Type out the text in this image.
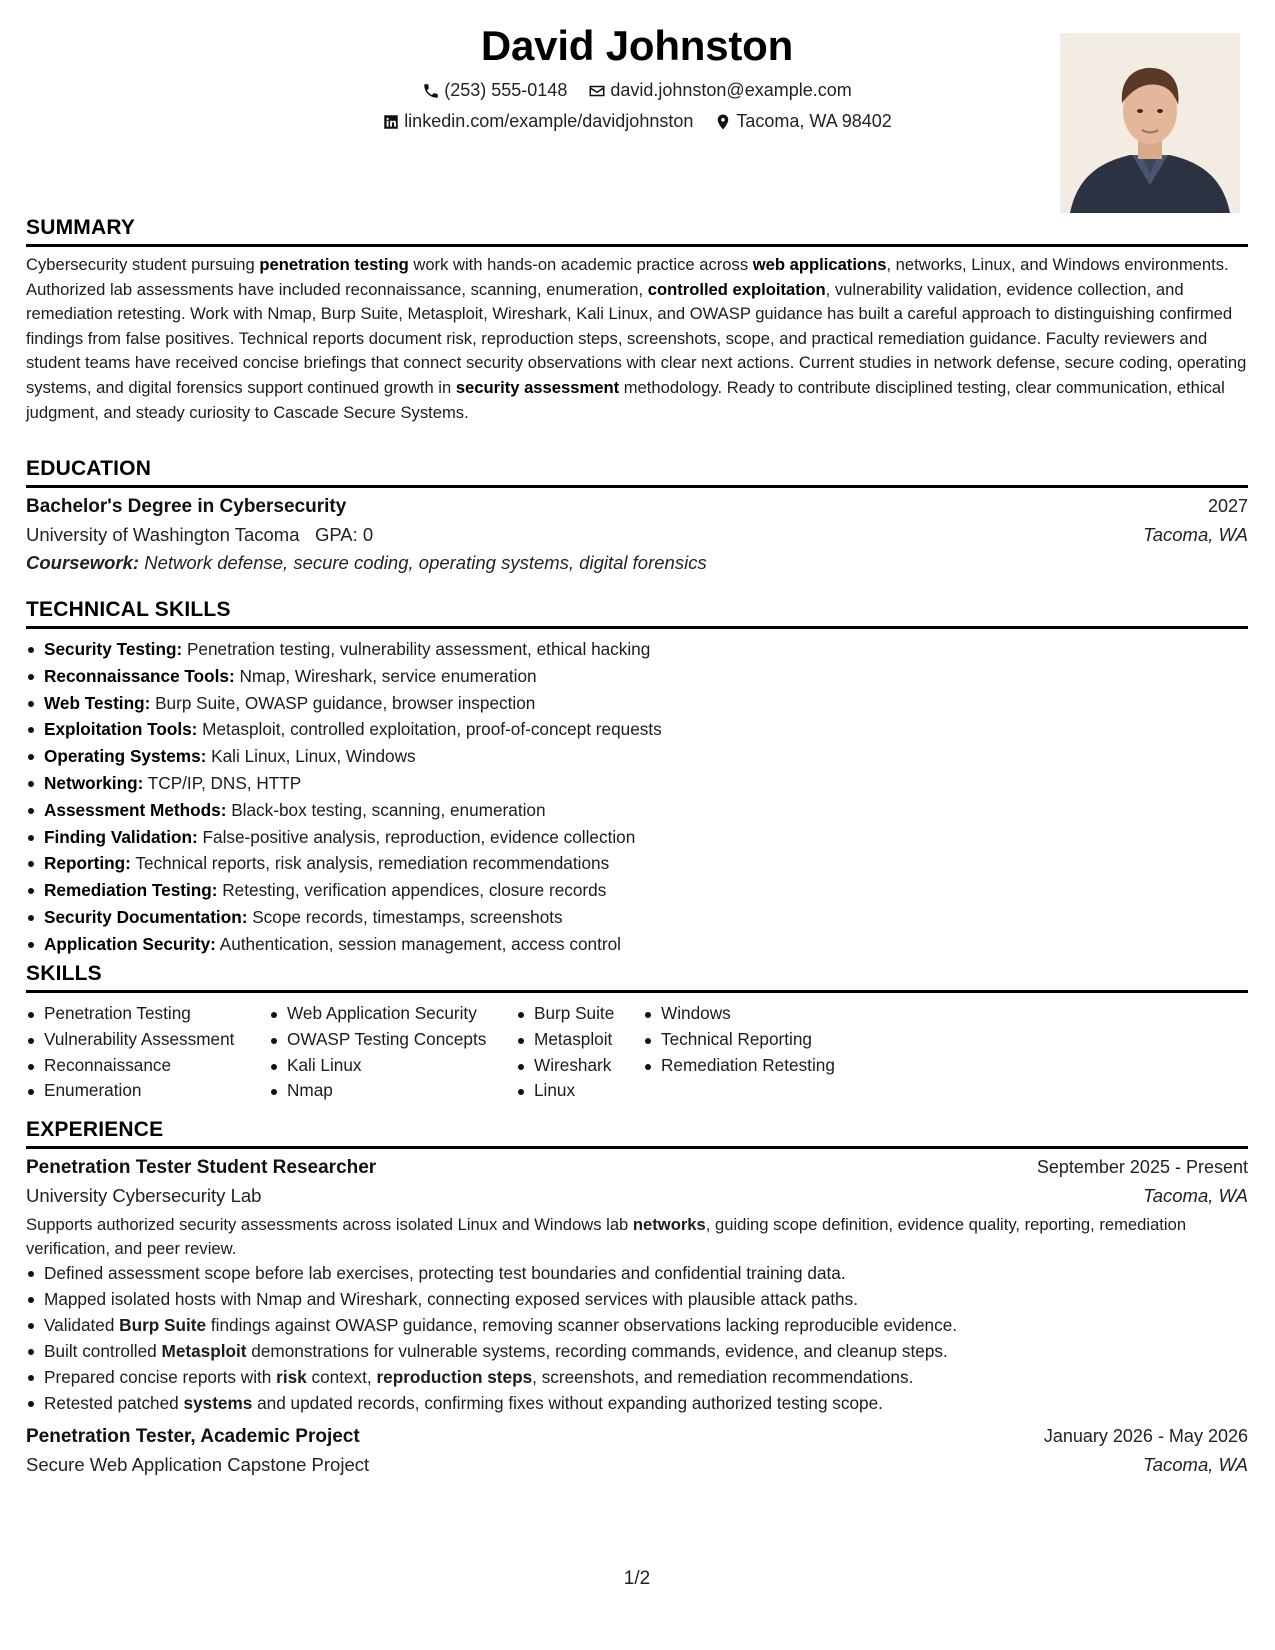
David Johnston
(253) 555-0148
david.johnston@example.com
linkedin.com/example/davidjohnston
Tacoma, WA 98402
SUMMARY
Cybersecurity student pursuing penetration testing work with hands-on academic practice across web applications, networks, Linux, and Windows environments. Authorized lab assessments have included reconnaissance, scanning, enumeration, controlled exploitation, vulnerability validation, evidence collection, and remediation retesting. Work with Nmap, Burp Suite, Metasploit, Wireshark, Kali Linux, and OWASP guidance has built a careful approach to distinguishing confirmed findings from false positives. Technical reports document risk, reproduction steps, screenshots, scope, and practical remediation guidance. Faculty reviewers and student teams have received concise briefings that connect security observations with clear next actions. Current studies in network defense, secure coding, operating systems, and digital forensics support continued growth in security assessment methodology. Ready to contribute disciplined testing, clear communication, ethical judgment, and steady curiosity to Cascade Secure Systems.
EDUCATION
Bachelor's Degree in Cybersecurity	2027
University of Washington Tacoma GPA: 0	Tacoma, WA
Coursework: Network defense, secure coding, operating systems, digital forensics
TECHNICAL SKILLS
Security Testing: Penetration testing, vulnerability assessment, ethical hacking
Reconnaissance Tools: Nmap, Wireshark, service enumeration
Web Testing: Burp Suite, OWASP guidance, browser inspection
Exploitation Tools: Metasploit, controlled exploitation, proof-of-concept requests
Operating Systems: Kali Linux, Linux, Windows
Networking: TCP/IP, DNS, HTTP
Assessment Methods: Black-box testing, scanning, enumeration
Finding Validation: False-positive analysis, reproduction, evidence collection
Reporting: Technical reports, risk analysis, remediation recommendations
Remediation Testing: Retesting, verification appendices, closure records
Security Documentation: Scope records, timestamps, screenshots
Application Security: Authentication, session management, access control
SKILLS
Penetration Testing
Vulnerability Assessment
Reconnaissance
Enumeration
Web Application Security
OWASP Testing Concepts
Kali Linux
Nmap
Burp Suite
Metasploit
Wireshark
Linux
Windows
Technical Reporting
Remediation Retesting
EXPERIENCE
Penetration Tester Student Researcher	September 2025 - Present
University Cybersecurity Lab	Tacoma, WA
Supports authorized security assessments across isolated Linux and Windows lab networks, guiding scope definition, evidence quality, reporting, remediation verification, and peer review.
Defined assessment scope before lab exercises, protecting test boundaries and confidential training data.
Mapped isolated hosts with Nmap and Wireshark, connecting exposed services with plausible attack paths.
Validated Burp Suite findings against OWASP guidance, removing scanner observations lacking reproducible evidence.
Built controlled Metasploit demonstrations for vulnerable systems, recording commands, evidence, and cleanup steps.
Prepared concise reports with risk context, reproduction steps, screenshots, and remediation recommendations.
Retested patched systems and updated records, confirming fixes without expanding authorized testing scope.
Penetration Tester, Academic Project	January 2026 - May 2026
Secure Web Application Capstone Project	Tacoma, WA
1/2
